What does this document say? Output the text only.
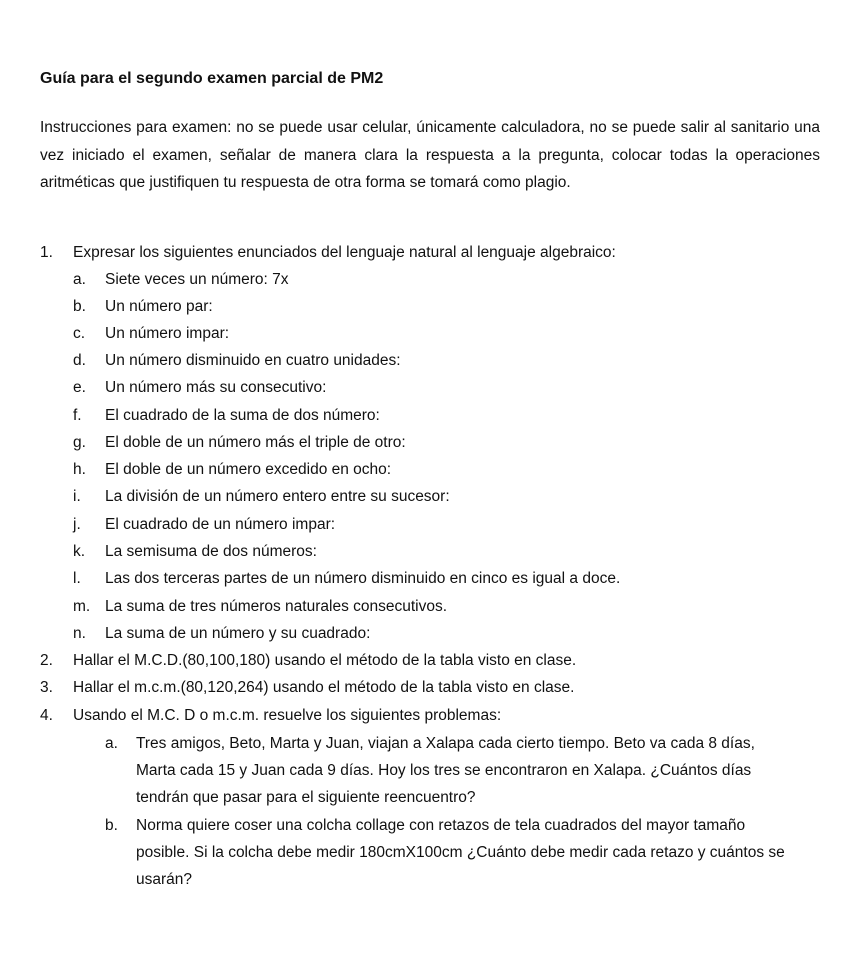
Guía para el segundo examen parcial de PM2

Instrucciones para examen: no se puede usar celular, únicamente calculadora, no se puede salir al sanitario una vez iniciado el examen, señalar de manera clara la respuesta a la pregunta, colocar todas la operaciones aritméticas que justifiquen tu respuesta de otra forma se tomará como plagio.

1.	Expresar los siguientes enunciados del lenguaje natural al lenguaje algebraico:
a.	Siete veces un número: 7x
b.	Un número par:
c.	Un número impar:
d.	Un número disminuido en cuatro unidades:
e.	Un número más su consecutivo:
f.	El cuadrado de la suma de dos número:
g.	El doble de un número más el triple de otro:
h.	El doble de un número excedido en ocho:
i.	La división de un número entero entre su sucesor:
j.	El cuadrado de un número impar:
k.	La semisuma de dos números:
l.	Las dos terceras partes de un número disminuido en cinco es igual a doce.
m. La suma de tres números naturales consecutivos.
n.	La suma de un número y su cuadrado:
2.	Hallar el M.C.D.(80,100,180) usando el método de la tabla visto en clase.
3.	Hallar el m.c.m.(80,120,264) usando el método de la tabla visto en clase.
4.	Usando el M.C. D o m.c.m. resuelve los siguientes problemas:
a.	Tres amigos, Beto, Marta y Juan, viajan a Xalapa cada cierto tiempo. Beto va cada 8 días, Marta cada 15 y Juan cada 9 días. Hoy los tres se encontraron en Xalapa. ¿Cuántos días tendrán que pasar para el siguiente reencuentro?
b.	Norma quiere coser una colcha collage con retazos de tela cuadrados del mayor tamaño posible. Si la colcha debe medir 180cmX100cm ¿Cuánto debe medir cada retazo y cuántos se usarán?
